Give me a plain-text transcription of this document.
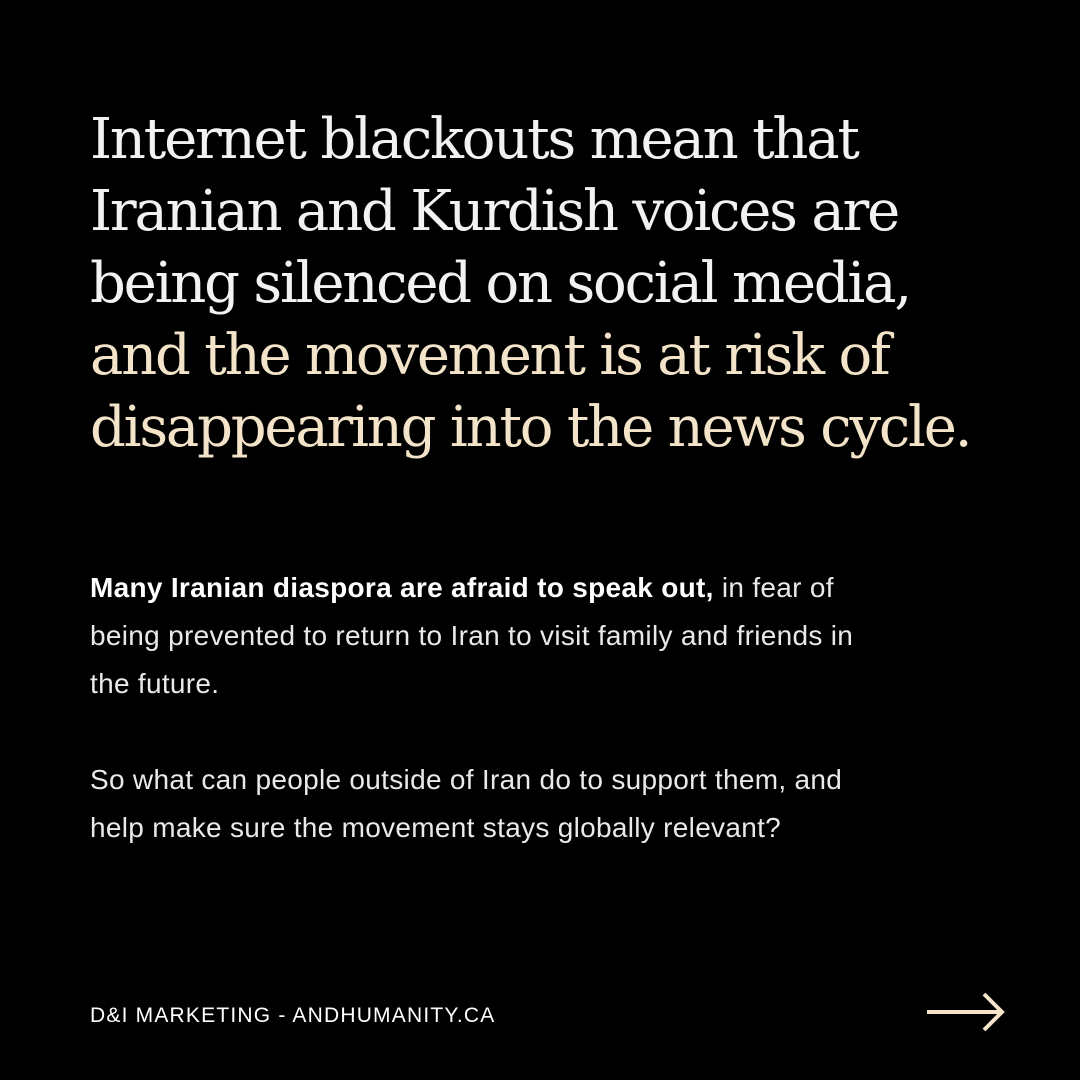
Internet blackouts mean that
Iranian and Kurdish voices are
being silenced on social media,
and the movement is at risk of
disappearing into the news cycle.

Many Iranian diaspora are afraid to speak out, in fear of
being prevented to return to Iran to visit family and friends in
the future.

So what can people outside of Iran do to support them, and
help make sure the movement stays globally relevant?

D&I MARKETING - ANDHUMANITY.CA
